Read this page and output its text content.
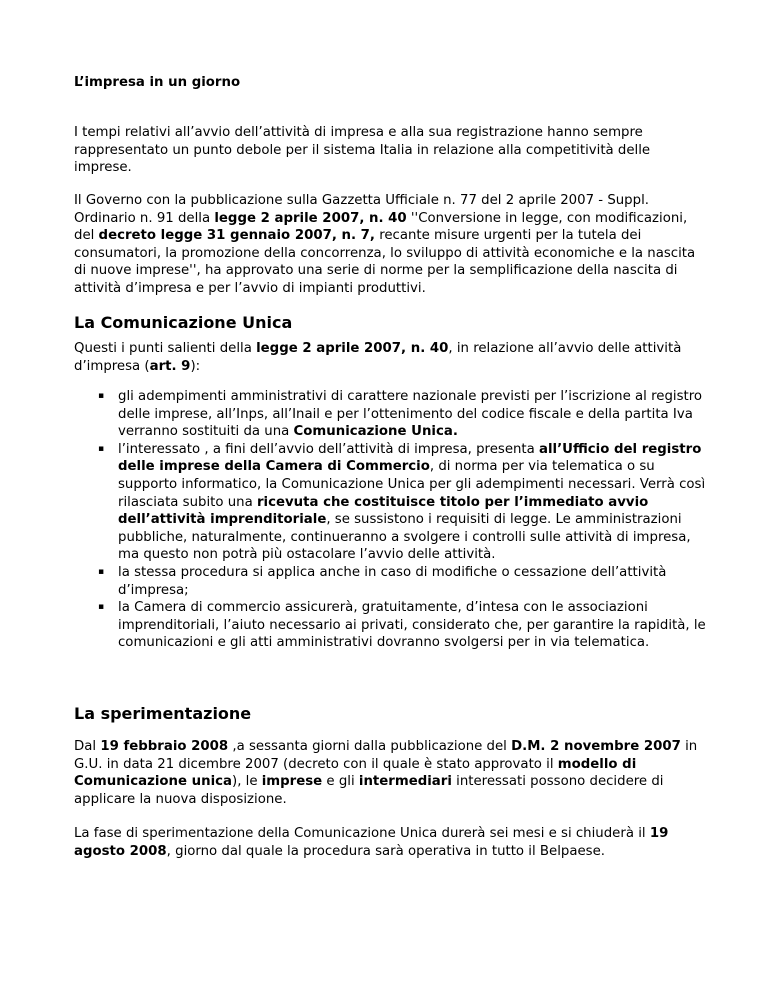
L’impresa in un giorno

I tempi relativi all’avvio dell’attività di impresa e alla sua registrazione hanno sempre rappresentato un punto debole per il sistema Italia in relazione alla competitività delle imprese.

Il Governo con la pubblicazione sulla Gazzetta Ufficiale n. 77 del 2 aprile 2007 - Suppl. Ordinario n. 91 della legge 2 aprile 2007, n. 40 ''Conversione in legge, con modificazioni, del decreto legge 31 gennaio 2007, n. 7, recante misure urgenti per la tutela dei consumatori, la promozione della concorrenza, lo sviluppo di attività economiche e la nascita di nuove imprese'', ha approvato una serie di norme per la semplificazione della nascita di attività d’impresa e per l’avvio di impianti produttivi.

La Comunicazione Unica

Questi i punti salienti della legge 2 aprile 2007, n. 40, in relazione all’avvio delle attività d’impresa (art. 9):

▪ gli adempimenti amministrativi di carattere nazionale previsti per l’iscrizione al registro delle imprese, all’Inps, all’Inail e per l’ottenimento del codice fiscale e della partita Iva verranno sostituiti da una Comunicazione Unica.
▪ l’interessato , a fini dell’avvio dell’attività di impresa, presenta all’Ufficio del registro delle imprese della Camera di Commercio, di norma per via telematica o su supporto informatico, la Comunicazione Unica per gli adempimenti necessari. Verrà così rilasciata subito una ricevuta che costituisce titolo per l’immediato avvio dell’attività imprenditoriale, se sussistono i requisiti di legge. Le amministrazioni pubbliche, naturalmente, continueranno a svolgere i controlli sulle attività di impresa, ma questo non potrà più ostacolare l’avvio delle attività.
▪ la stessa procedura si applica anche in caso di modifiche o cessazione dell’attività d’impresa;
▪ la Camera di commercio assicurerà, gratuitamente, d’intesa con le associazioni imprenditoriali, l’aiuto necessario ai privati, considerato che, per garantire la rapidità, le comunicazioni e gli atti amministrativi dovranno svolgersi per in via telematica.
La sperimentazione

Dal 19 febbraio 2008 ,a sessanta giorni dalla pubblicazione del D.M. 2 novembre 2007 in G.U. in data 21 dicembre 2007 (decreto con il quale è stato approvato il modello di Comunicazione unica), le imprese e gli intermediari interessati possono decidere di applicare la nuova disposizione.

La fase di sperimentazione della Comunicazione Unica durerà sei mesi e si chiuderà il 19 agosto 2008, giorno dal quale la procedura sarà operativa in tutto il Belpaese.
